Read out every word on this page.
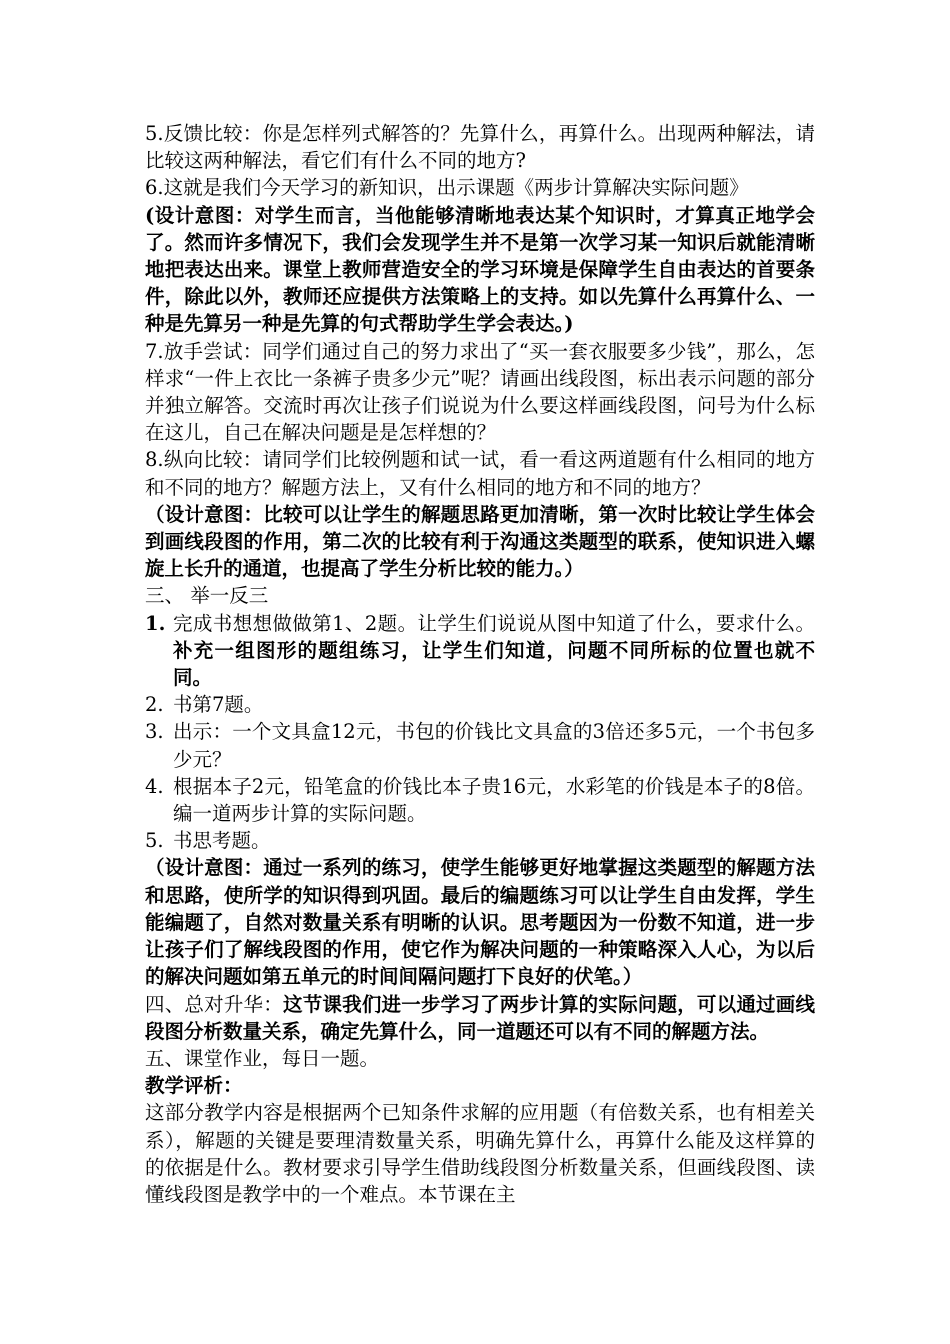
5.反馈比较：你是怎样列式解答的？先算什么，再算什么。出现两种解法，请比较这两种解法，看它们有什么不同的地方?

6.这就是我们今天学习的新知识，出示课题《两步计算解决实际问题》

(设计意图：对学生而言，当他能够清晰地表达某个知识时，才算真正地学会了。然而许多情况下，我们会发现学生并不是第一次学习某一知识后就能清晰地把表达出来。课堂上教师营造安全的学习环境是保障学生自由表达的首要条件，除此以外，教师还应提供方法策略上的支持。如以先算什么再算什么、一种是先算另一种是先算的句式帮助学生学会表达。)

7.放手尝试：同学们通过自己的努力求出了“买一套衣服要多少钱”，那么，怎样求“一件上衣比一条裤子贵多少元”呢？请画出线段图，标出表示问题的部分并独立解答。交流时再次让孩子们说说为什么要这样画线段图，问号为什么标在这儿，自己在解决问题是是怎样想的？

8.纵向比较：请同学们比较例题和试一试，看一看这两道题有什么相同的地方和不同的地方？解题方法上，又有什么相同的地方和不同的地方？

（设计意图：比较可以让学生的解题思路更加清晰，第一次时比较让学生体会到画线段图的作用，第二次的比较有利于沟通这类题型的联系，使知识进入螺旋上长升的通道，也提高了学生分析比较的能力。）

三、 举一反三

1. 完成书想想做做第1、2题。让学生们说说从图中知道了什么，要求什么。补充一组图形的题组练习，让学生们知道，问题不同所标的位置也就不同。
2. 书第7题。
3. 出示：一个文具盒12元，书包的价钱比文具盒的3倍还多5元，一个书包多少元？
4. 根据本子2元，铅笔盒的价钱比本子贵16元，水彩笔的价钱是本子的8倍。编一道两步计算的实际问题。
5. 书思考题。

（设计意图：通过一系列的练习，使学生能够更好地掌握这类题型的解题方法和思路，使所学的知识得到巩固。最后的编题练习可以让学生自由发挥，学生能编题了，自然对数量关系有明晰的认识。思考题因为一份数不知道，进一步让孩子们了解线段图的作用，使它作为解决问题的一种策略深入人心，为以后的解决问题如第五单元的时间间隔问题打下良好的伏笔。）

四、总对升华：这节课我们进一步学习了两步计算的实际问题，可以通过画线段图分析数量关系，确定先算什么，同一道题还可以有不同的解题方法。

五、课堂作业，每日一题。

教学评析：

这部分教学内容是根据两个已知条件求解的应用题（有倍数关系，也有相差关系），解题的关键是要理清数量关系，明确先算什么，再算什么能及这样算的的依据是什么。教材要求引导学生借助线段图分析数量关系，但画线段图、读懂线段图是教学中的一个难点。本节课在主
